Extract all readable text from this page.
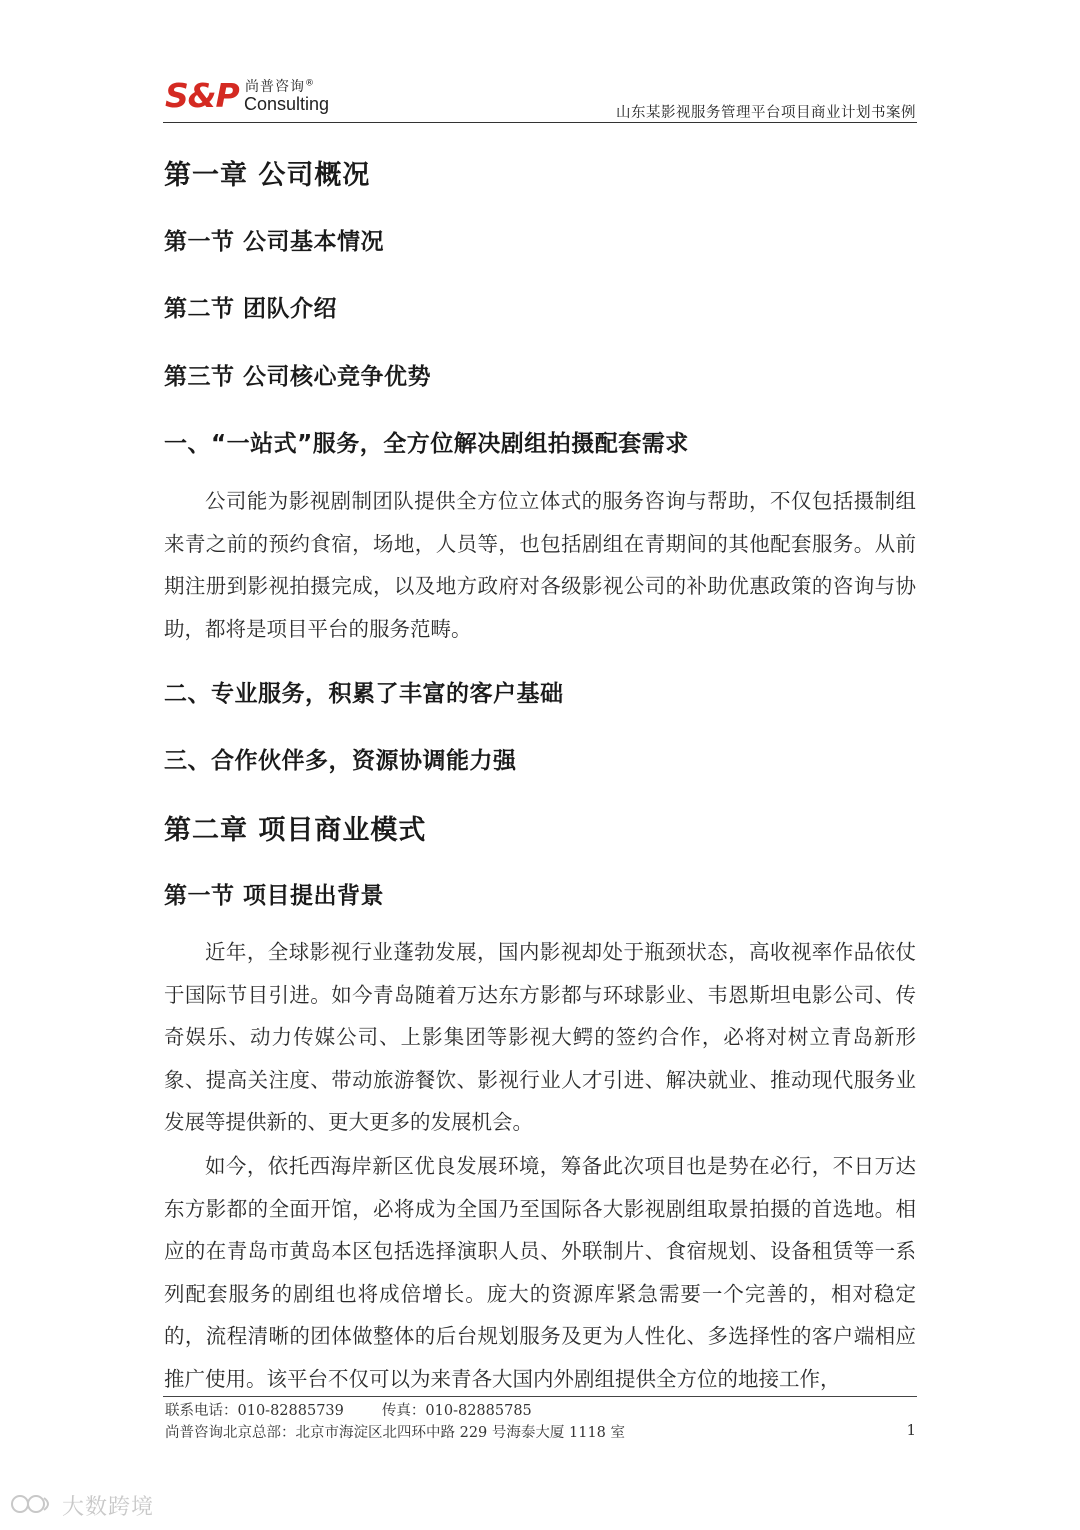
S&P 尚普咨询®
Consulting	山东某影视服务管理平台项目商业计划书案例
第一章 公司概况
第一节 公司基本情况
第二节 团队介绍
第三节 公司核心竞争优势
一、“一站式”服务，全方位解决剧组拍摄配套需求

公司能为影视剧制团队提供全方位立体式的服务咨询与帮助，不仅包括摄制组来青之前的预约食宿，场地，人员等，也包括剧组在青期间的其他配套服务。从前期注册到影视拍摄完成，以及地方政府对各级影视公司的补助优惠政策的咨询与协助，都将是项目平台的服务范畴。

二、专业服务，积累了丰富的客户基础
三、合作伙伴多，资源协调能力强
第二章 项目商业模式
第一节 项目提出背景

近年，全球影视行业蓬勃发展，国内影视却处于瓶颈状态，高收视率作品依仗于国际节目引进。如今青岛随着万达东方影都与环球影业、韦恩斯坦电影公司、传奇娱乐、动力传媒公司、上影集团等影视大鳄的签约合作，必将对树立青岛新形象、提高关注度、带动旅游餐饮、影视行业人才引进、解决就业、推动现代服务业发展等提供新的、更大更多的发展机会。

如今，依托西海岸新区优良发展环境，筹备此次项目也是势在必行，不日万达东方影都的全面开馆，必将成为全国乃至国际各大影视剧组取景拍摄的首选地。相应的在青岛市黄岛本区包括选择演职人员、外联制片、食宿规划、设备租赁等一系列配套服务的剧组也将成倍增长。庞大的资源库紧急需要一个完善的，相对稳定的，流程清晰的团体做整体的后台规划服务及更为人性化、多选择性的客户端相应推广使用。该平台不仅可以为来青各大国内外剧组提供全方位的地接工作，

联系电话：010-82885739	传真：010-82885785
尚普咨询北京总部：北京市海淀区北四环中路 229 号海泰大厦 1118 室	1
大数跨境
